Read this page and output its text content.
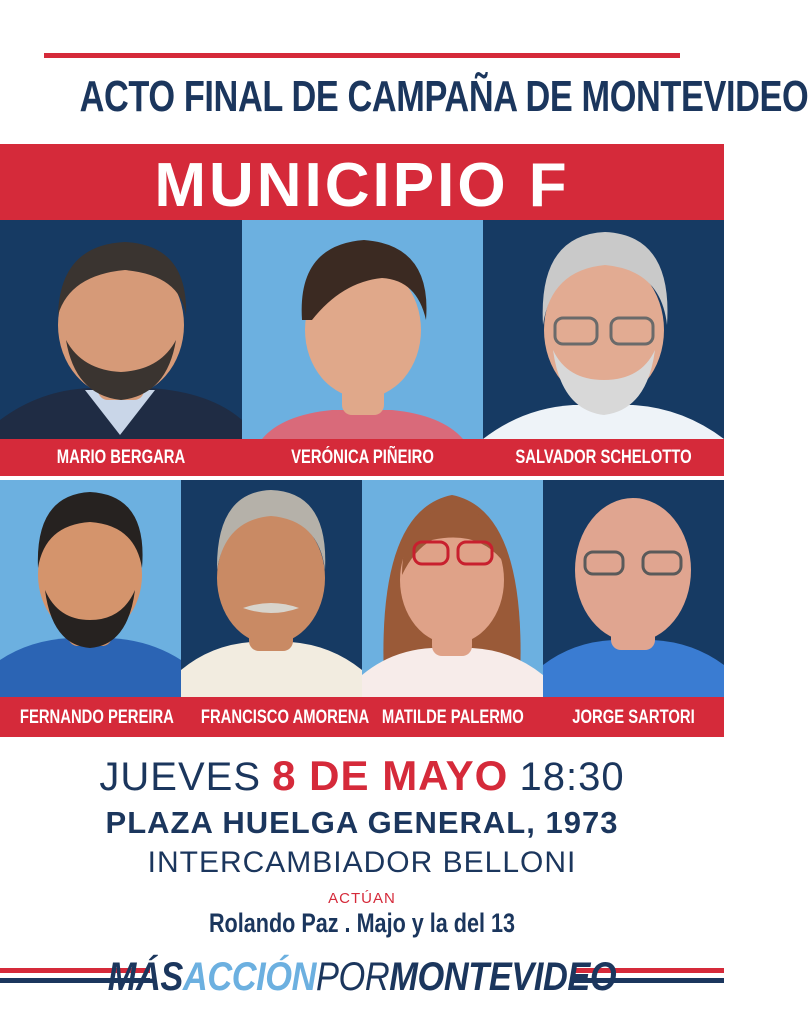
ACTO FINAL DE CAMPAÑA DE MONTEVIDEO
MUNICIPIO F
MARIO BERGARA	VERÓNICA PIÑEIRO	SALVADOR SCHELOTTO
FERNANDO PEREIRA FRANCISCO AMORENA MATILDE PALERMO	JORGE SARTORI
JUEVES 8 DE MAYO 18:30
PLAZA HUELGA GENERAL, 1973
INTERCAMBIADOR BELLONI
ACTÚAN
Rolando Paz . Majo y la del 13
MÁSACCIÓNPORMONTEVIDEO
